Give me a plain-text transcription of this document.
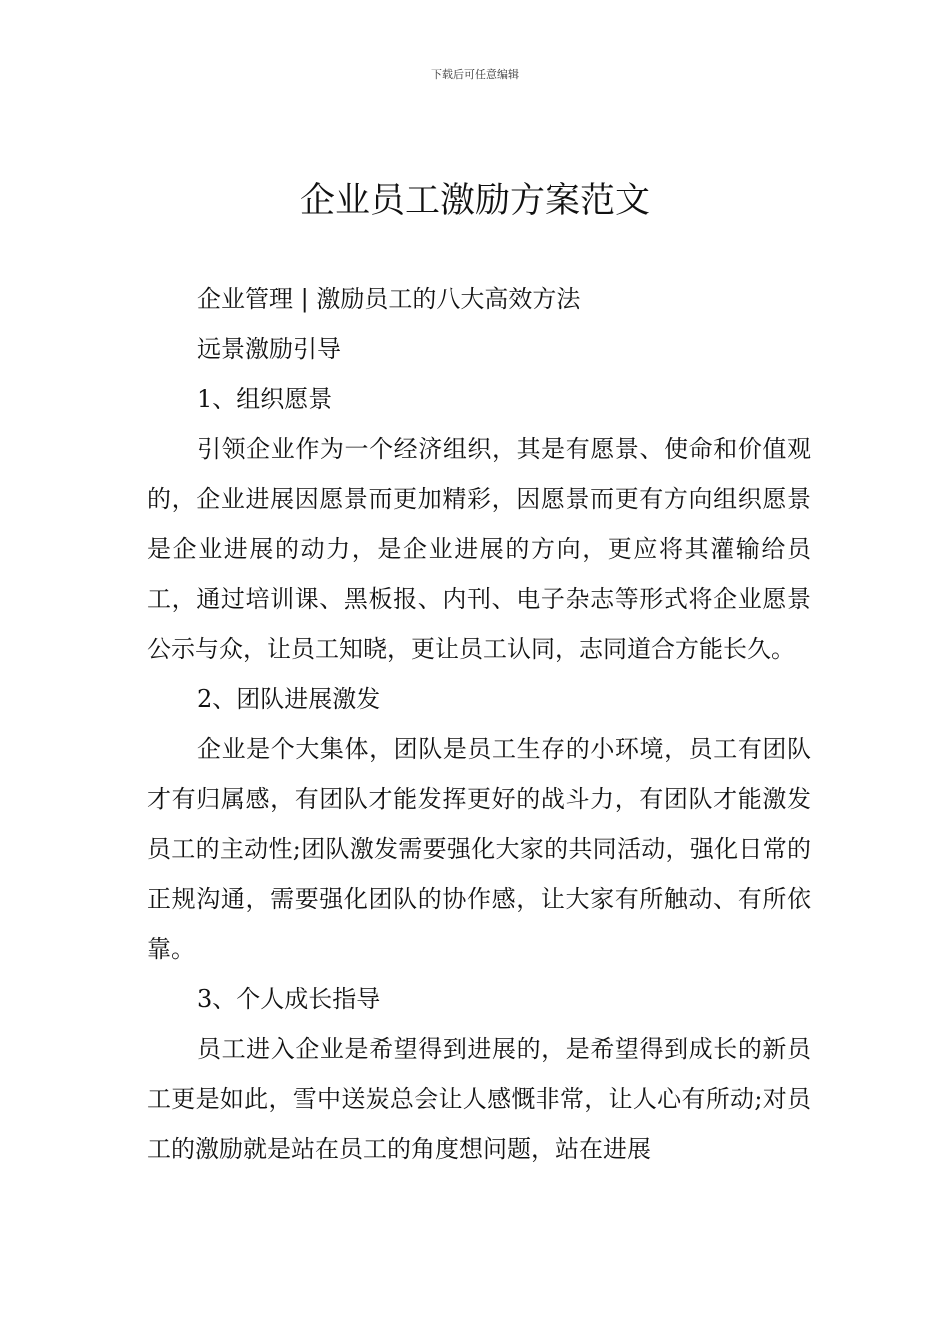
下载后可任意编辑
企业员工激励方案范文

企业管理 | 激励员工的八大高效方法

远景激励引导

1、组织愿景

引领企业作为一个经济组织，其是有愿景、使命和价值观的，企业进展因愿景而更加精彩，因愿景而更有方向组织愿景是企业进展的动力，是企业进展的方向，更应将其灌输给员工，通过培训课、黑板报、内刊、电子杂志等形式将企业愿景公示与众，让员工知晓，更让员工认同，志同道合方能长久。

2、团队进展激发

企业是个大集体，团队是员工生存的小环境，员工有团队才有归属感，有团队才能发挥更好的战斗力，有团队才能激发员工的主动性;团队激发需要强化大家的共同活动，强化日常的正规沟通，需要强化团队的协作感，让大家有所触动、有所依靠。

3、个人成长指导

员工进入企业是希望得到进展的，是希望得到成长的新员工更是如此，雪中送炭总会让人感慨非常，让人心有所动;对员工的激励就是站在员工的角度想问题，站在进展
